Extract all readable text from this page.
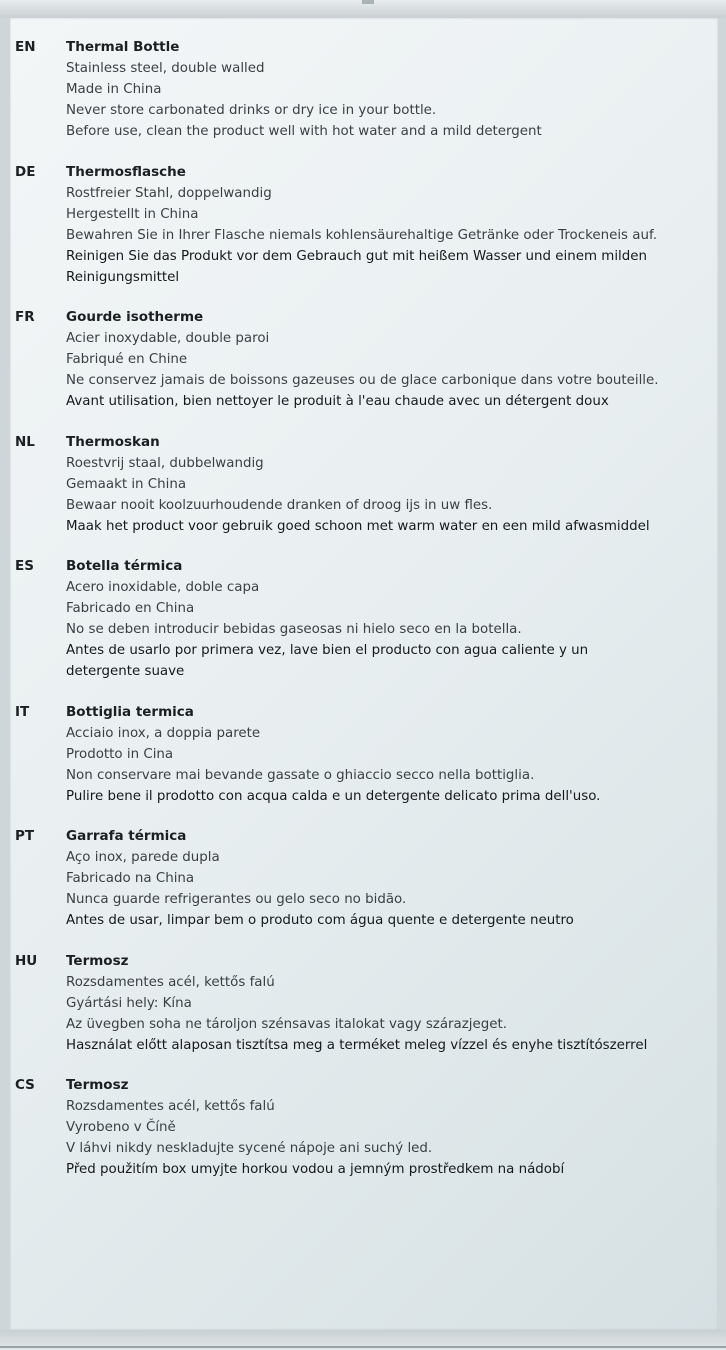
EN	Thermal Bottle
Stainless steel, double walled
Made in China
Never store carbonated drinks or dry ice in your bottle.
Before use, clean the product well with hot water and a mild detergent
DE	Thermosflasche
Rostfreier Stahl, doppelwandig
Hergestellt in China
Bewahren Sie in Ihrer Flasche niemals kohlensäurehaltige Getränke oder Trockeneis auf.
Reinigen Sie das Produkt vor dem Gebrauch gut mit heißem Wasser und einem milden
Reinigungsmittel
FR	Gourde isotherme
Acier inoxydable, double paroi
Fabriqué en Chine
Ne conservez jamais de boissons gazeuses ou de glace carbonique dans votre bouteille.
Avant utilisation, bien nettoyer le produit à l'eau chaude avec un détergent doux
NL	Thermoskan
Roestvrij staal, dubbelwandig
Gemaakt in China
Bewaar nooit koolzuurhoudende dranken of droog ijs in uw fles.
Maak het product voor gebruik goed schoon met warm water en een mild afwasmiddel
ES	Botella térmica
Acero inoxidable, doble capa
Fabricado en China
No se deben introducir bebidas gaseosas ni hielo seco en la botella.
Antes de usarlo por primera vez, lave bien el producto con agua caliente y un
detergente suave
IT	Bottiglia termica
Acciaio inox, a doppia parete
Prodotto in Cina
Non conservare mai bevande gassate o ghiaccio secco nella bottiglia.
Pulire bene il prodotto con acqua calda e un detergente delicato prima dell'uso.
PT	Garrafa térmica
Aço inox, parede dupla
Fabricado na China
Nunca guarde refrigerantes ou gelo seco no bidão.
Antes de usar, limpar bem o produto com água quente e detergente neutro
HU	Termosz
Rozsdamentes acél, kettős falú
Gyártási hely: Kína
Az üvegben soha ne tároljon szénsavas italokat vagy szárazjeget.
Használat előtt alaposan tisztítsa meg a terméket meleg vízzel és enyhe tisztítószerrel
CS	Termosz
Rozsdamentes acél, kettős falú
Vyrobeno v Číně
V láhvi nikdy neskladujte sycené nápoje ani suchý led.
Před použitím box umyjte horkou vodou a jemným prostředkem na nádobí
